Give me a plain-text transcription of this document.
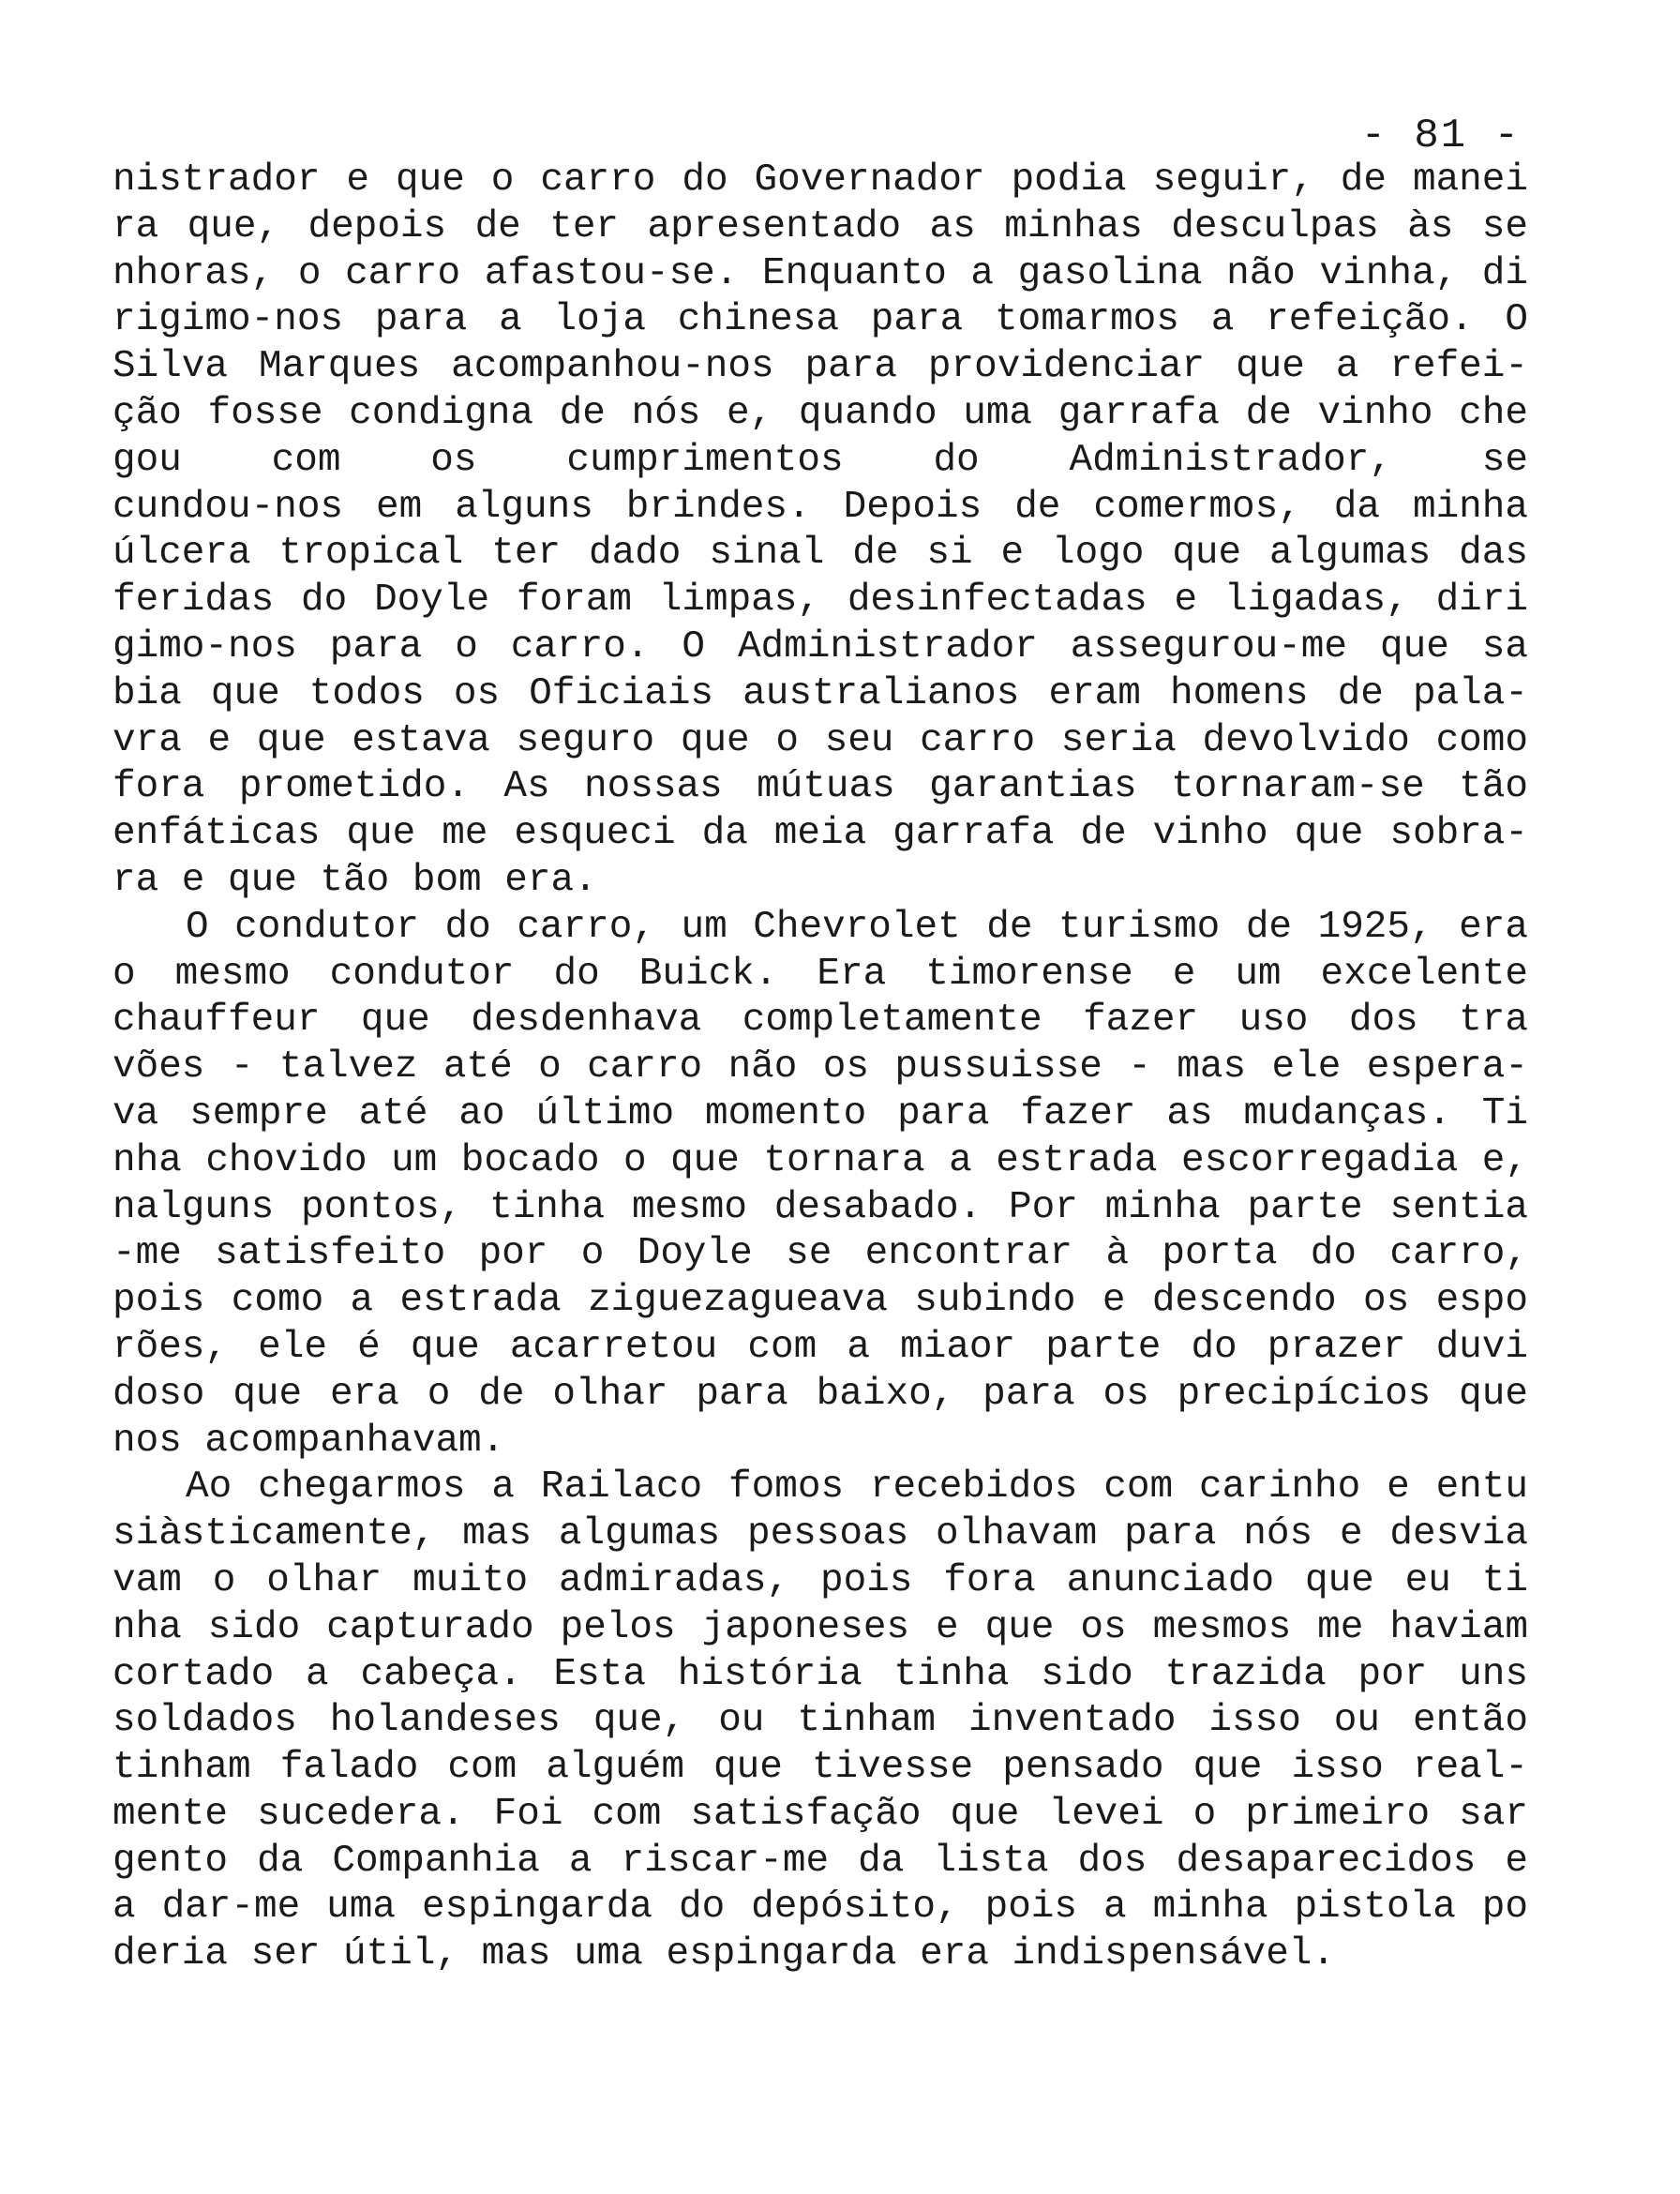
- 81 -
nistrador e que o carro do Governador podia seguir, de manei
ra que, depois de ter apresentado as minhas desculpas às se
nhoras, o carro afastou-se. Enquanto a gasolina não vinha, di
rigimo-nos para a loja chinesa para tomarmos a refeição. O
Silva Marques acompanhou-nos para providenciar que a refei-
ção fosse condigna de nós e, quando uma garrafa de vinho che
gou com os cumprimentos do Administrador, se
cundou-nos em alguns brindes. Depois de comermos, da minha
úlcera tropical ter dado sinal de si e logo que algumas das
feridas do Doyle foram limpas, desinfectadas e ligadas, diri
gimo-nos para o carro. O Administrador assegurou-me que sa
bia que todos os Oficiais australianos eram homens de pala-
vra e que estava seguro que o seu carro seria devolvido como
fora prometido. As nossas mútuas garantias tornaram-se tão
enfáticas que me esqueci da meia garrafa de vinho que sobra-
ra e que tão bom era.
O condutor do carro, um Chevrolet de turismo de 1925, era
o mesmo condutor do Buick. Era timorense e um excelente
chauffeur que desdenhava completamente fazer uso dos tra
vões - talvez até o carro não os pussuisse - mas ele espera-
va sempre até ao último momento para fazer as mudanças. Ti
nha chovido um bocado o que tornara a estrada escorregadia e,
nalguns pontos, tinha mesmo desabado. Por minha parte sentia
-me satisfeito por o Doyle se encontrar à porta do carro,
pois como a estrada ziguezagueava subindo e descendo os espo
rões, ele é que acarretou com a miaor parte do prazer duvi
doso que era o de olhar para baixo, para os precipícios que
nos acompanhavam.
Ao chegarmos a Railaco fomos recebidos com carinho e entu
siàsticamente, mas algumas pessoas olhavam para nós e desvia
vam o olhar muito admiradas, pois fora anunciado que eu ti
nha sido capturado pelos japoneses e que os mesmos me haviam
cortado a cabeça. Esta história tinha sido trazida por uns
soldados holandeses que, ou tinham inventado isso ou então
tinham falado com alguém que tivesse pensado que isso real-
mente sucedera. Foi com satisfação que levei o primeiro sar
gento da Companhia a riscar-me da lista dos desaparecidos e
a dar-me uma espingarda do depósito, pois a minha pistola po
deria ser útil, mas uma espingarda era indispensável.
